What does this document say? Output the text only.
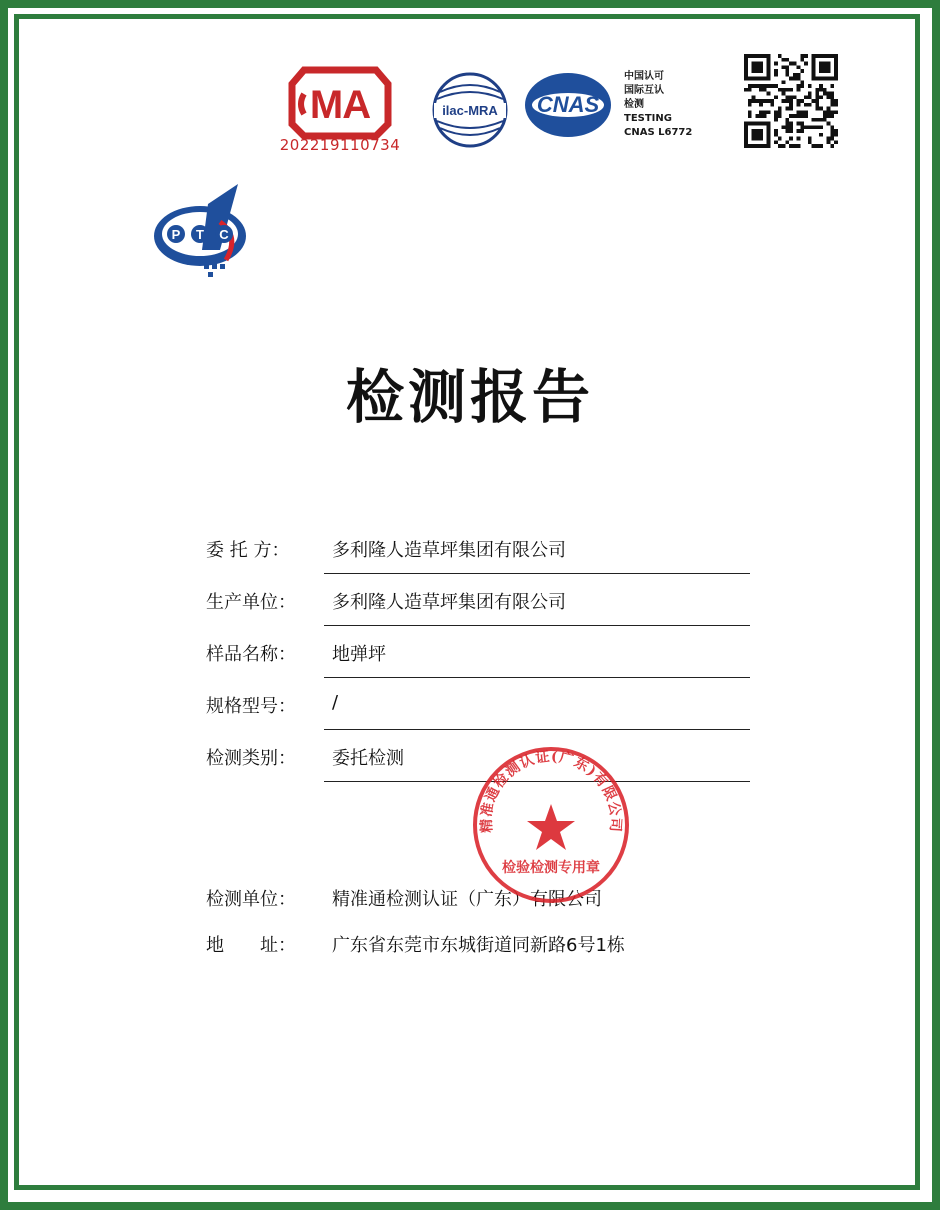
MA
202219110734
ilac-MRA CNAS
中国认可
国际互认
检测
TESTING
CNAS L6772
P T C
检测报告
委 托 方： 多利隆人造草坪集团有限公司
生产单位： 多利隆人造草坪集团有限公司
样品名称： 地弹坪
规格型号： /
检测类别： 委托检测
检测单位： 精准通检测认证（广东）有限公司
地　　址： 广东省东莞市东城街道同新路6号1栋
精准通检测认证(广东)有限公司
检验检测专用章
